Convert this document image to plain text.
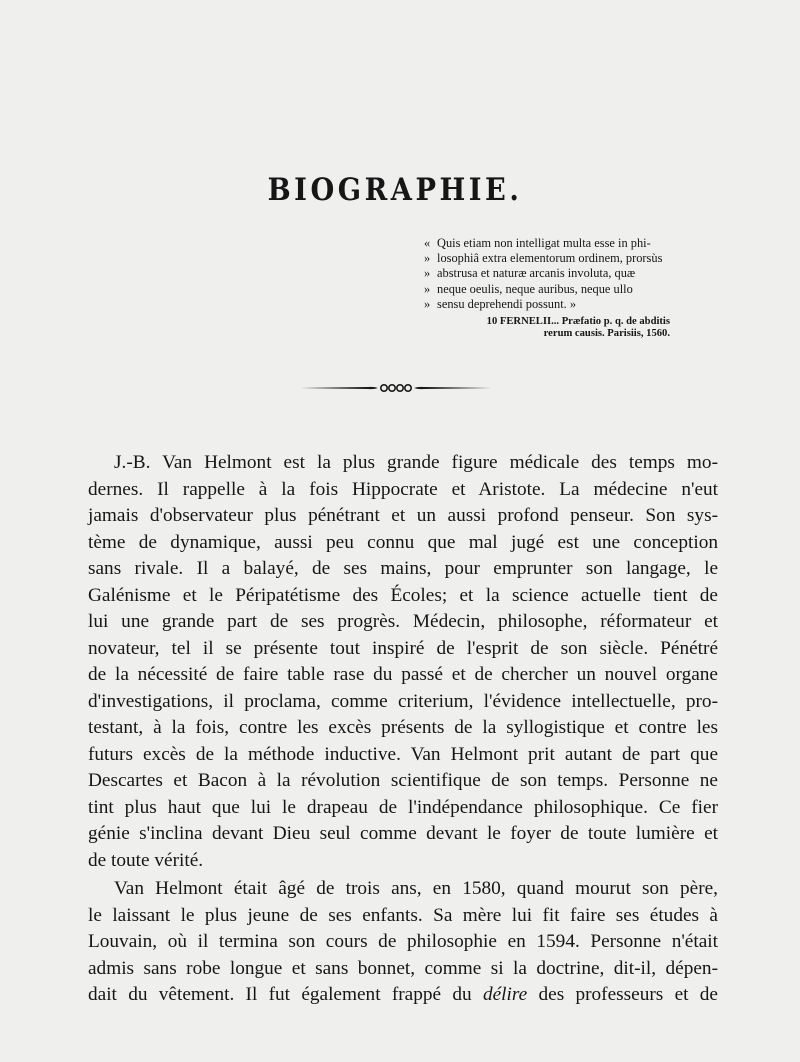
BIOGRAPHIE.
« Quis etiam non intelligat multa esse in phi-
» losophiâ extra elementorum ordinem, prorsùs
» abstrusa et naturæ arcanis involuta, quæ
» neque oeulis, neque auribus, neque ullo
» sensu deprehendi possunt. »
10 FERNELII... Præfatio p. q. de abditis
rerum causis. Parisiis, 1560.
J.-B. Van Helmont est la plus grande figure médicale des temps mo-
dernes. Il rappelle à la fois Hippocrate et Aristote. La médecine n'eut
jamais d'observateur plus pénétrant et un aussi profond penseur. Son sys-
tème de dynamique, aussi peu connu que mal jugé est une conception
sans rivale. Il a balayé, de ses mains, pour emprunter son langage, le
Galénisme et le Péripatétisme des Écoles; et la science actuelle tient de
lui une grande part de ses progrès. Médecin, philosophe, réformateur et
novateur, tel il se présente tout inspiré de l'esprit de son siècle. Pénétré
de la nécessité de faire table rase du passé et de chercher un nouvel organe
d'investigations, il proclama, comme criterium, l'évidence intellectuelle, pro-
testant, à la fois, contre les excès présents de la syllogistique et contre les
futurs excès de la méthode inductive. Van Helmont prit autant de part que
Descartes et Bacon à la révolution scientifique de son temps. Personne ne
tint plus haut que lui le drapeau de l'indépendance philosophique. Ce fier
génie s'inclina devant Dieu seul comme devant le foyer de toute lumière et
de toute vérité.
Van Helmont était âgé de trois ans, en 1580, quand mourut son père,
le laissant le plus jeune de ses enfants. Sa mère lui fit faire ses études à
Louvain, où il termina son cours de philosophie en 1594. Personne n'était
admis sans robe longue et sans bonnet, comme si la doctrine, dit-il, dépen-
dait du vêtement. Il fut également frappé du délire des professeurs et de
